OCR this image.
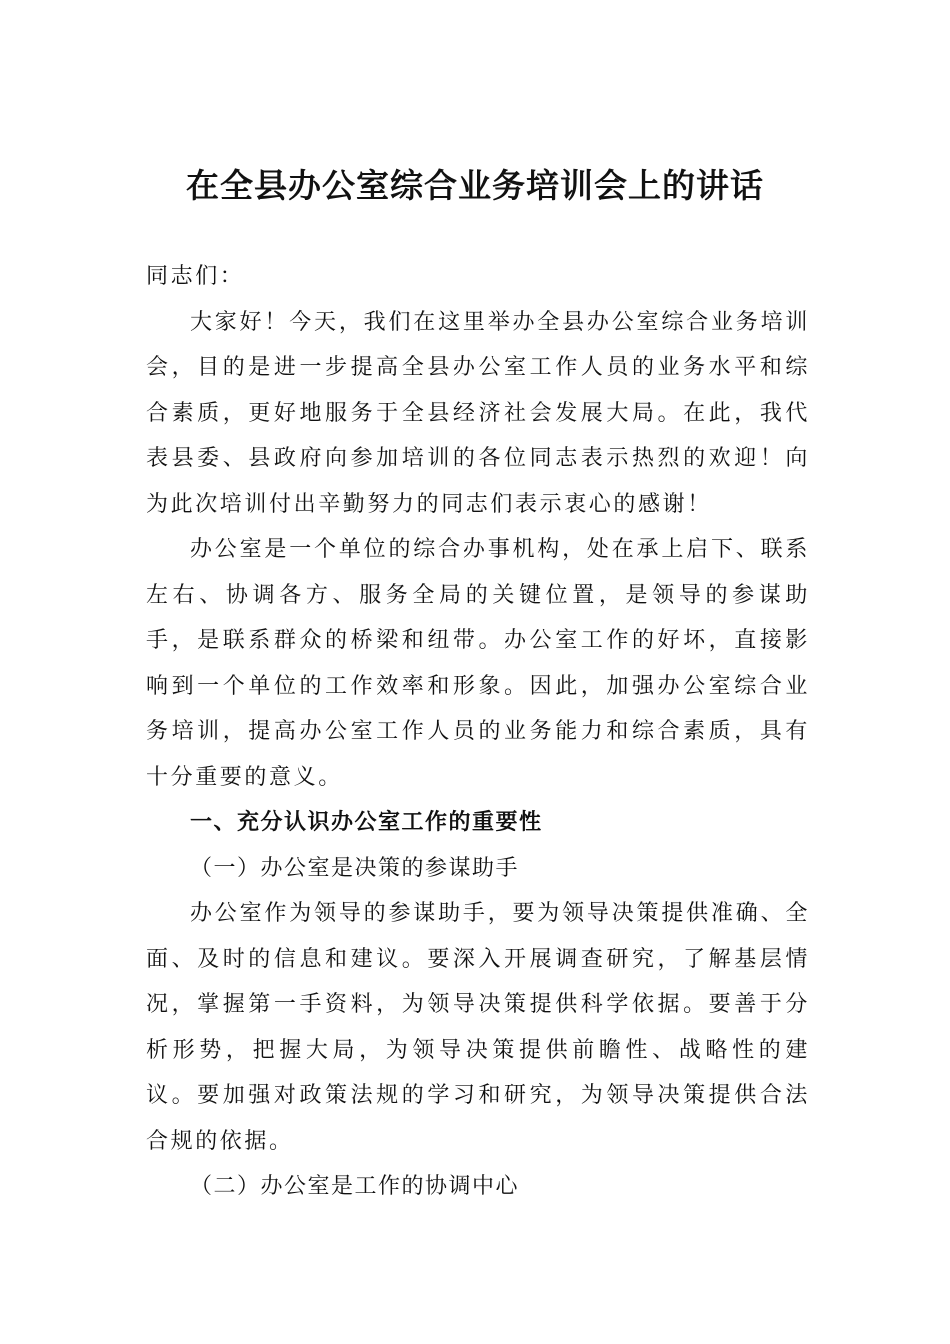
在全县办公室综合业务培训会上的讲话

同志们：

大家好！今天，我们在这里举办全县办公室综合业务培训会，目的是进一步提高全县办公室工作人员的业务水平和综合素质，更好地服务于全县经济社会发展大局。在此，我代表县委、县政府向参加培训的各位同志表示热烈的欢迎！向为此次培训付出辛勤努力的同志们表示衷心的感谢！

办公室是一个单位的综合办事机构，处在承上启下、联系左右、协调各方、服务全局的关键位置，是领导的参谋助手，是联系群众的桥梁和纽带。办公室工作的好坏，直接影响到一个单位的工作效率和形象。因此，加强办公室综合业务培训，提高办公室工作人员的业务能力和综合素质，具有十分重要的意义。

一、充分认识办公室工作的重要性

（一）办公室是决策的参谋助手

办公室作为领导的参谋助手，要为领导决策提供准确、全面、及时的信息和建议。要深入开展调查研究，了解基层情况，掌握第一手资料，为领导决策提供科学依据。要善于分析形势，把握大局，为领导决策提供前瞻性、战略性的建议。要加强对政策法规的学习和研究，为领导决策提供合法合规的依据。

（二）办公室是工作的协调中心
